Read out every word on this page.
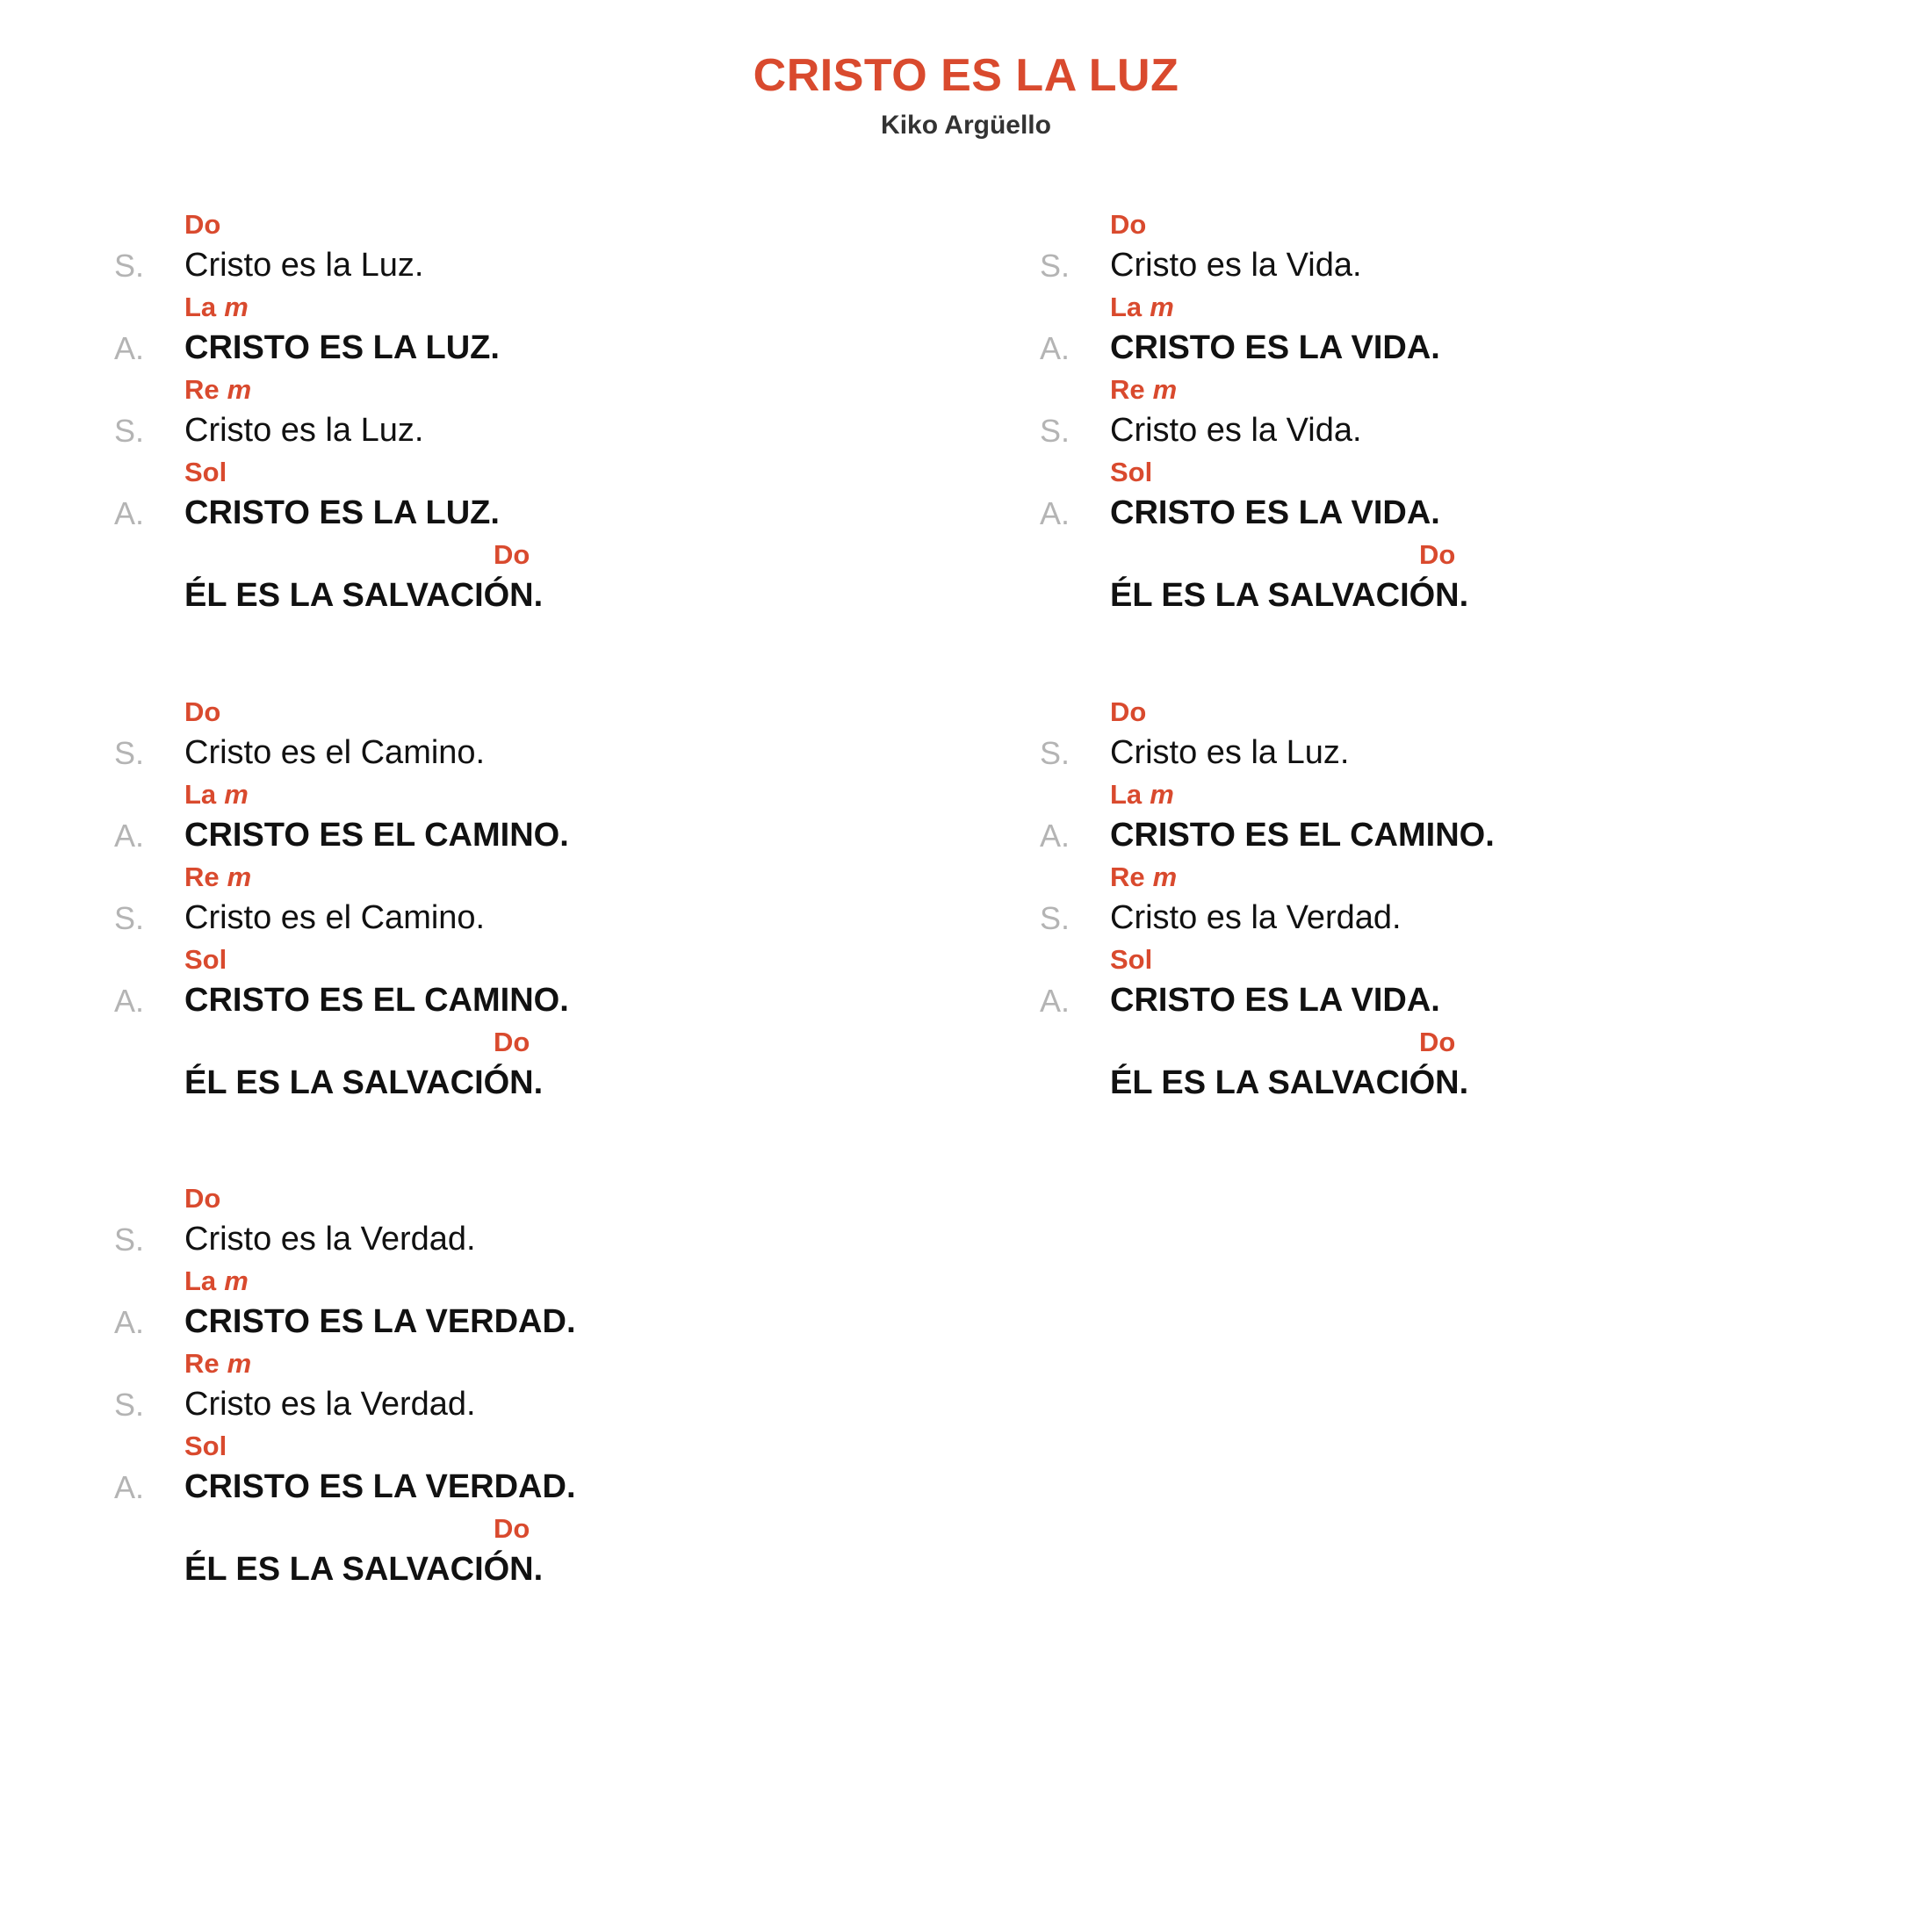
CRISTO ES LA LUZ
Kiko Argüello
Do
S. Cristo es la Luz.
La m
A. CRISTO ES LA LUZ.
Re m
S. Cristo es la Luz.
Sol
A. CRISTO ES LA LUZ.
Do
ÉL ES LA SALVACIÓN.
Do
S. Cristo es la Vida.
La m
A. CRISTO ES LA VIDA.
Re m
S. Cristo es la Vida.
Sol
A. CRISTO ES LA VIDA.
Do
ÉL ES LA SALVACIÓN.
Do
S. Cristo es el Camino.
La m
A. CRISTO ES EL CAMINO.
Re m
S. Cristo es el Camino.
Sol
A. CRISTO ES EL CAMINO.
Do
ÉL ES LA SALVACIÓN.
Do
S. Cristo es la Luz.
La m
A. CRISTO ES EL CAMINO.
Re m
S. Cristo es la Verdad.
Sol
A. CRISTO ES LA VIDA.
Do
ÉL ES LA SALVACIÓN.
Do
S. Cristo es la Verdad.
La m
A. CRISTO ES LA VERDAD.
Re m
S. Cristo es la Verdad.
Sol
A. CRISTO ES LA VERDAD.
Do
ÉL ES LA SALVACIÓN.
